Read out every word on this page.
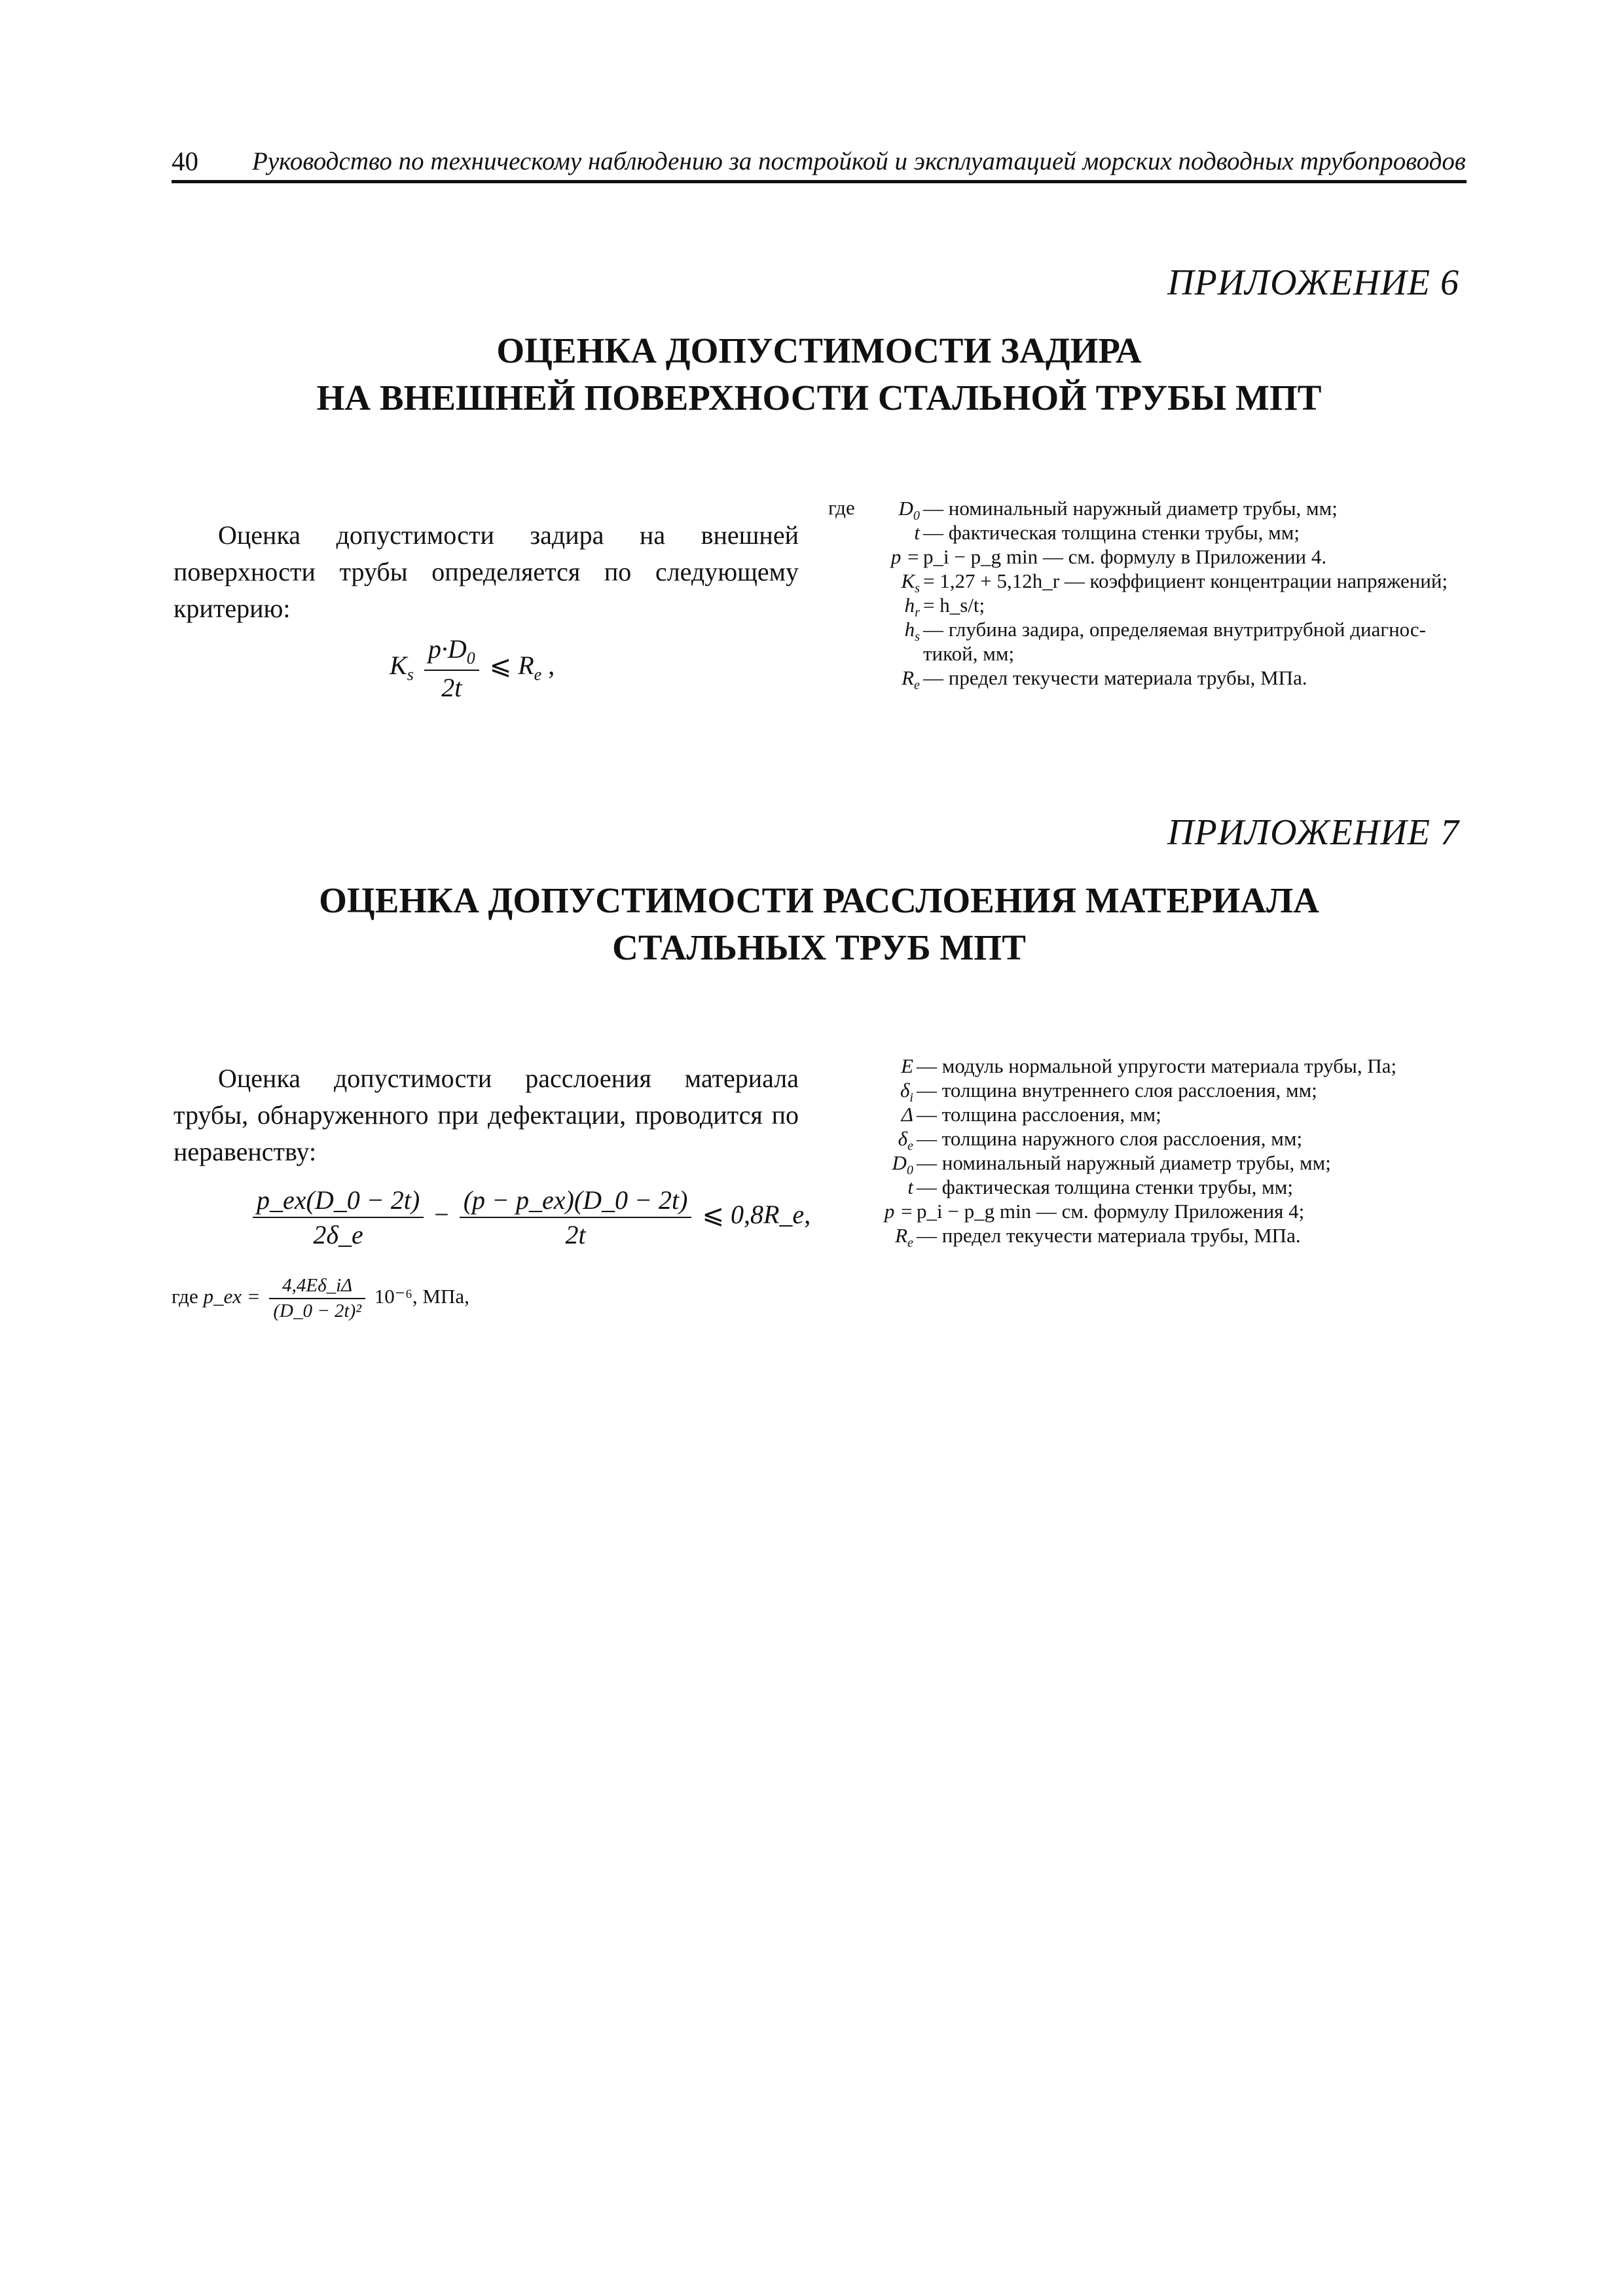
40 Руководство по техническому наблюдению за постройкой и эксплуатацией морских подводных трубопроводов
ПРИЛОЖЕНИЕ 6
ОЦЕНКА ДОПУСТИМОСТИ ЗАДИРА
НА ВНЕШНЕЙ ПОВЕРХНОСТИ СТАЛЬНОЙ ТРУБЫ МПТ
Оценка допустимости задира на внешней поверхности трубы определяется по следующему критерию:
$K_s \frac{p\cdot D_0}{2t}$ ⩽ $R_e$ ,
где $D_0$ — номинальный наружный диаметр трубы, мм;
t — фактическая толщина стенки трубы, мм;
p = p_i − p_g min — см. формулу в Приложении 4.
$K_s = 1,27$ + 5,12h_r — коэффициент концентрации напряжений;
$h_r$ = h_s/t;
$h_s$ — глубина задира, определяемая внутритрубной диагнос-
тикой, мм;
$R_e$ — предел текучести материала трубы, МПа.
ПРИЛОЖЕНИЕ 7
ОЦЕНКА ДОПУСТИМОСТИ РАССЛОЕНИЯ МАТЕРИАЛА
СТАЛЬНЫХ ТРУБ МПТ
Оценка допустимости расслоения материала трубы, обнаруженного при дефектации, проводится по неравенству:
$\frac{p\_ex(D\_0 - 2t)}{2\delta\_e} - \frac{(p - p\_ex)(D\_0 - 2t)}{2t}$ ⩽ 0,8R_e,
где p_ex = $\frac{4,4E\delta\_i\Delta}{\text{(D\_0 − 2t)²}} 10^{-6}$, МПа,
E — модуль нормальной упругости материала трубы, Па;
$\delta_i$ — толщина внутреннего слоя расслоения, мм;
Δ — толщина расслоения, мм;
$\delta_e$ — толщина наружного слоя расслоения, мм;
$D_0$ — номинальный наружный диаметр трубы, мм;
t — фактическая толщина стенки трубы, мм;
p = p_i − p_g min — см. формулу Приложения 4;
$R_e$ — предел текучести материала трубы, МПа.
